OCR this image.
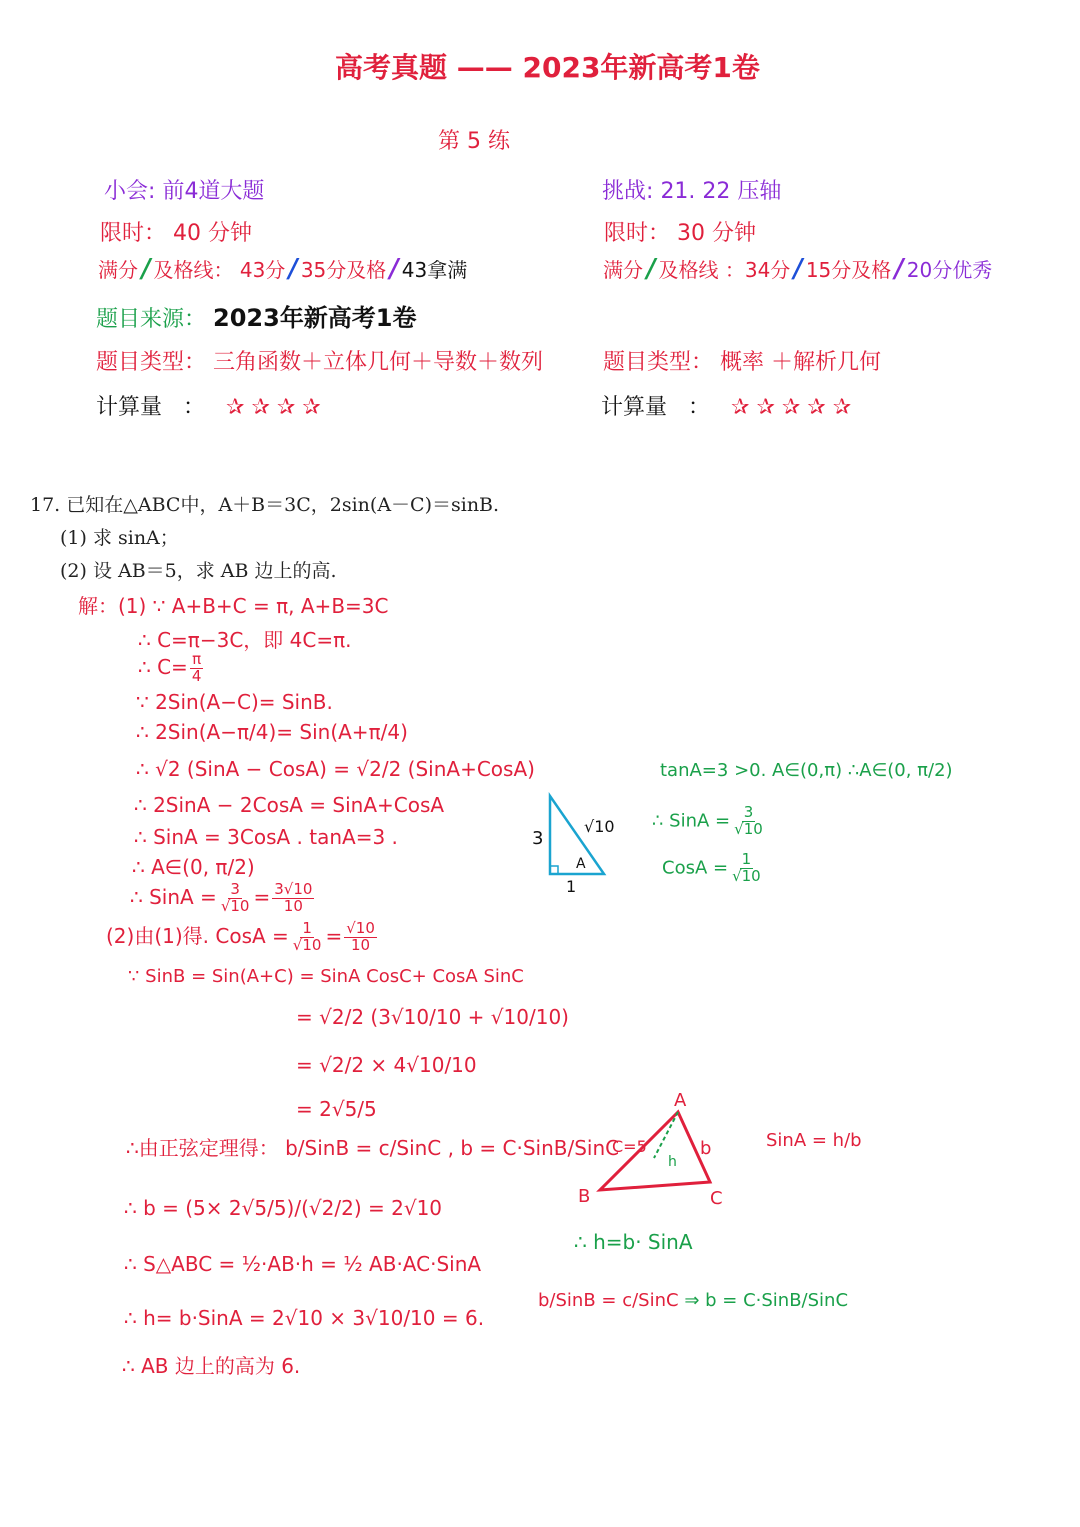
高考真题 —— 2023年新高考1卷
第 5 练
小会: 前4道大题
限时： 40 分钟
满分/及格线： 43分/35分及格/43拿满
题目来源： 2023年新高考1卷
题目类型： 三角函数＋立体几何＋导数＋数列
计算量 ： ✰ ✰ ✰ ✰
挑战: 21. 22 压轴
限时： 30 分钟
满分/及格线 ：34分/15分及格/20分优秀
题目类型： 概率 ＋解析几何
计算量 ： ✰ ✰ ✰ ✰ ✰
17. 已知在△ABC中，A＋B＝3C，2sin(A－C)＝sinB.
(1) 求 sinA；
(2) 设 AB＝5，求 AB 边上的高.
解：(1) ∵ A+B+C = π, A+B=3C
∴ C=π−3C，即 4C=π.
∴ $C= \frac{\pi}{4}$
∵ 2Sin(A−C)= SinB.
∴ 2Sin(A−π/4)= Sin(A+π/4)
∴ √2 (SinA − CosA) = √2/2 (SinA+CosA)
∴ 2SinA − 2CosA = SinA+CosA
∴ SinA = 3CosA . tanA=3 .
∴ A∈(0, π/2)
∴ SinA = $\frac{3}{√10} = \frac{3√10}{10}$
(2)由(1)得. CosA = $\frac{1}{√10} = \frac{√10}{10}$
∵ SinB = Sin(A+C) = SinA CosC+ CosA SinC
= √2/2 (3√10/10 + √10/10)
= √2/2 × 4√10/10
= 2√5/5
∴由正弦定理得： b/SinB = c/SinC , b = C·SinB/SinC
∴ b = (5× 2√5/5)/(√2/2) = 2√10
∴ S△ABC = ½·AB·h = ½ AB·AC·SinA
∴ h= b·SinA = 2√10 × 3√10/10 = 6.
∴ AB 边上的高为 6.
tanA=3 >0. A∈(0,π) ∴A∈(0, π/2)
∴ SinA = $\frac{3}{√10}$
CosA = $\frac{1}{√10}$
3
1
√10
A
A
B	C
C=5	b
h
SinA = h/b
∴ h=b· SinA
b/SinB = c/SinC ⇒ b = C·SinB/SinC
